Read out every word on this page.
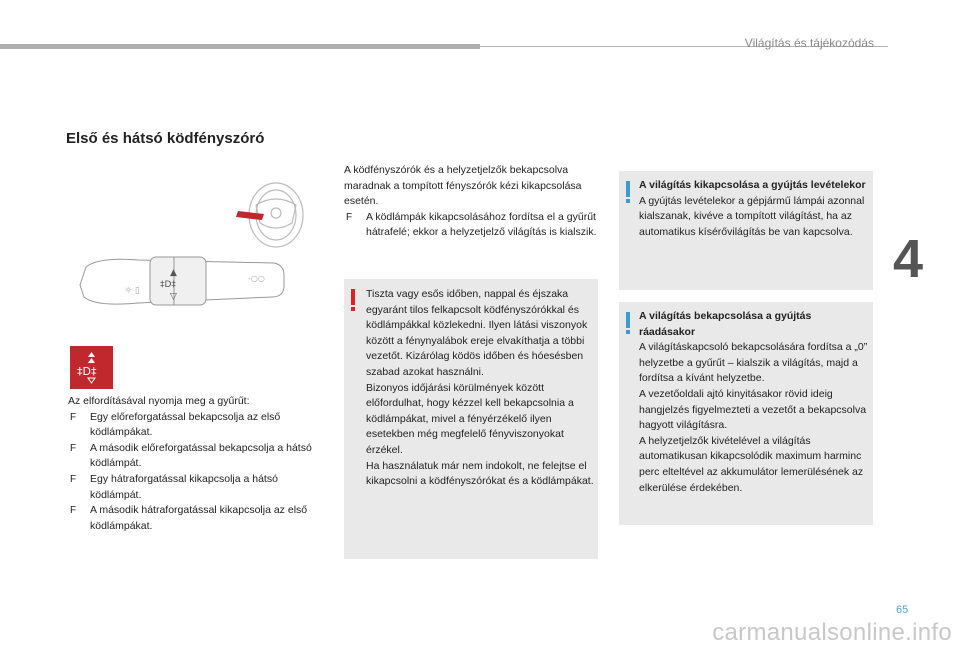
Világítás és tájékozódás
4
Első és hátsó ködfényszóró
▲
‡D‡
▽
☼ ▯
-○○
‡D‡
Az elfordításával nyomja meg a gyűrűt:
F Egy előreforgatással bekapcsolja az első ködlámpákat.
F A második előreforgatással bekapcsolja a hátsó ködlámpát.
F Egy hátraforgatással kikapcsolja a hátsó ködlámpát.
F A második hátraforgatással kikapcsolja az első ködlámpákat.
A ködfényszórók és a helyzetjelzők bekapcsolva maradnak a tompított fényszórók kézi kikapcsolása esetén.
F A ködlámpák kikapcsolásához fordítsa el a gyűrűt hátrafelé; ekkor a helyzetjelző világítás is kialszik.
Tiszta vagy esős időben, nappal és éjszaka egyaránt tilos felkapcsolt ködfényszórókkal és ködlámpákkal közlekedni. Ilyen látási viszonyok között a fénynyalábok ereje elvakíthatja a többi vezetőt. Kizárólag ködös időben és hóesésben szabad azokat használni.
Bizonyos időjárási körülmények között előfordulhat, hogy kézzel kell bekapcsolnia a ködlámpákat, mivel a fényérzékelő ilyen esetekben még megfelelő fényviszonyokat érzékel.
Ha használatuk már nem indokolt, ne felejtse el kikapcsolni a ködfényszórókat és a ködlámpákat.
A világítás kikapcsolása a gyújtás levételekor
A gyújtás levételekor a gépjármű lámpái azonnal kialszanak, kivéve a tompított világítást, ha az automatikus kísérővilágítás be van kapcsolva.
A világítás bekapcsolása a gyújtás ráadásakor
A világításkapcsoló bekapcsolására fordítsa a „0” helyzetbe a gyűrűt – kialszik a világítás, majd a fordítsa a kívánt helyzetbe.
A vezetőoldali ajtó kinyitásakor rövid ideig hangjelzés figyelmezteti a vezetőt a bekapcsolva hagyott világításra.
A helyzetjelzők kivételével a világítás automatikusan kikapcsolódik maximum harminc perc elteltével az akkumulátor lemerülésének az elkerülése érdekében.
65
carmanualsonline.info
